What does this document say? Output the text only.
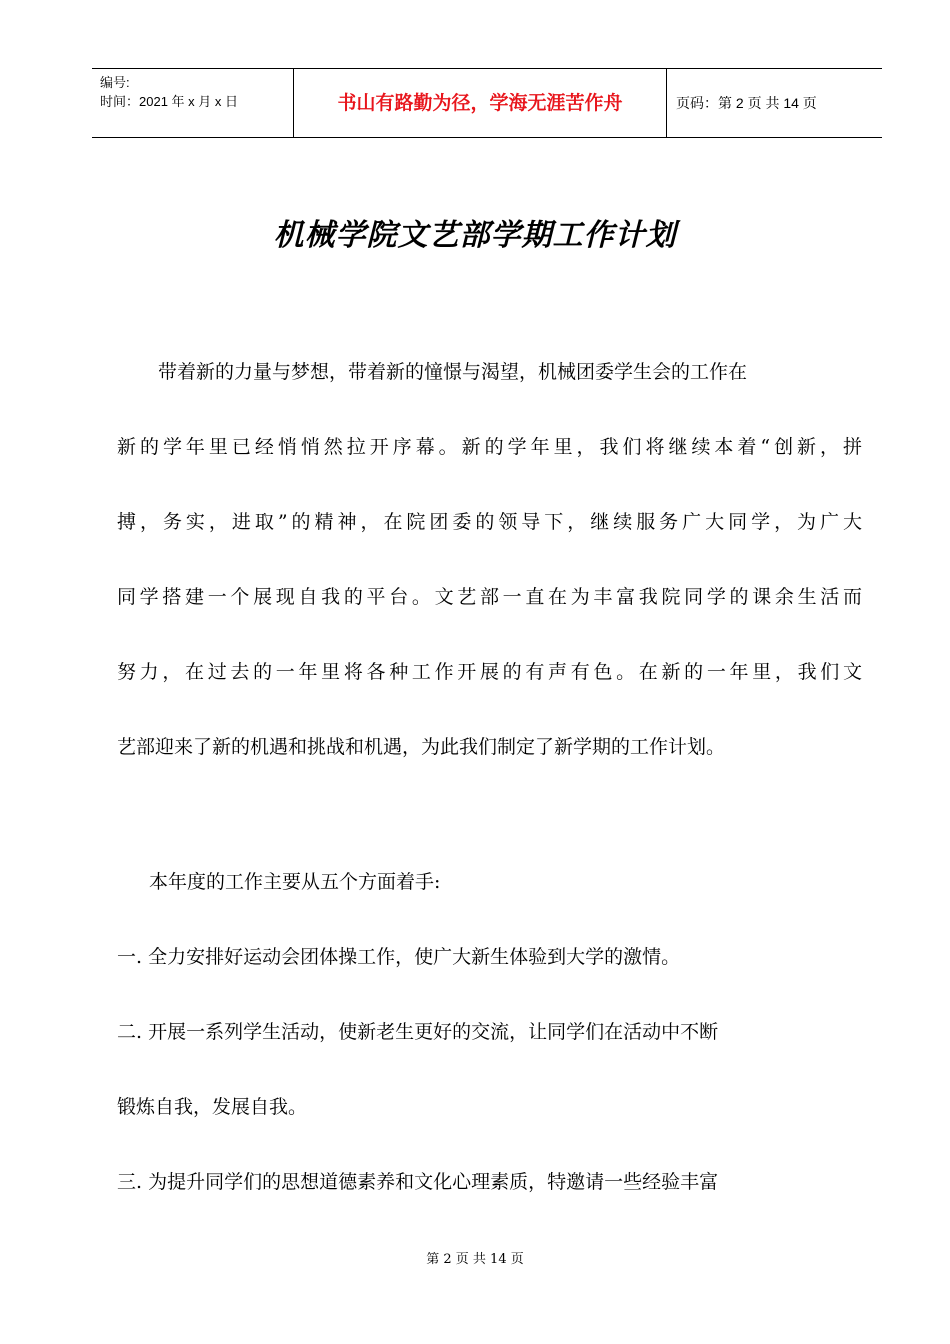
编号:
时间：2021 年 x 月 x 日	书山有路勤为径，学海无涯苦作舟	页码：第 2 页 共 14 页
机械学院文艺部学期工作计划
带着新的力量与梦想，带着新的憧憬与渴望，机械团委学生会的工作在
新的学年里已经悄悄然拉开序幕。新的学年里，我们将继续本着“创新，拼
搏，务实，进取”的精神，在院团委的领导下，继续服务广大同学，为广大
同学搭建一个展现自我的平台。文艺部一直在为丰富我院同学的课余生活而
努力，在过去的一年里将各种工作开展的有声有色。在新的一年里，我们文
艺部迎来了新的机遇和挑战和机遇，为此我们制定了新学期的工作计划。
本年度的工作主要从五个方面着手:
一. 全力安排好运动会团体操工作，使广大新生体验到大学的激情。
二. 开展一系列学生活动，使新老生更好的交流，让同学们在活动中不断
锻炼自我，发展自我。
三. 为提升同学们的思想道德素养和文化心理素质，特邀请一些经验丰富
第 2 页 共 14 页
